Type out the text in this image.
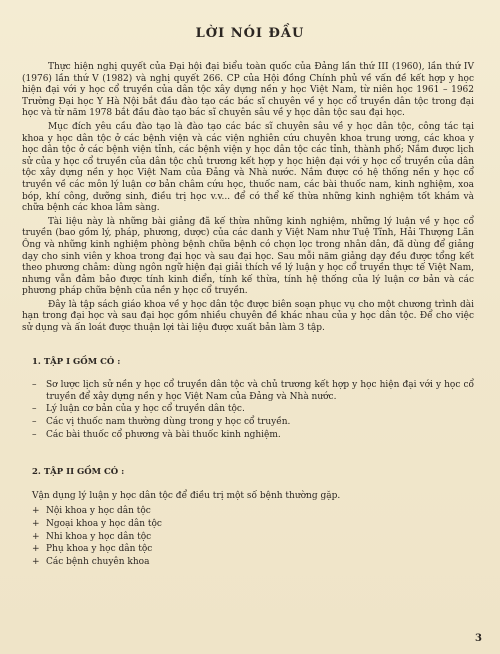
LỜI NÓI ĐẦU

Thực hiện nghị quyết của Đại hội đại biểu toàn quốc của Đảng lần thứ III (1960), lần thứ IV (1976) lần thứ V (1982) và nghị quyết 266. CP của Hội đồng Chính phủ về vấn đề kết hợp y học hiện đại với y học cổ truyền của dân tộc xây dựng nền y học Việt Nam, từ niên học 1961 – 1962 Trường Đại học Y Hà Nội bắt đầu đào tạo các bác sĩ chuyên về y học cổ truyền dân tộc trong đại học và từ năm 1978 bắt đầu đào tạo bác sĩ chuyên sâu về y học dân tộc sau đại học.

Mục đích yêu cầu đào tạo là đào tạo các bác sĩ chuyên sâu về y học dân tộc, công tác tại khoa y học dân tộc ở các bệnh viện và các viện nghiên cứu chuyên khoa trung ương, các khoa y học dân tộc ở các bệnh viện tỉnh, các bệnh viện y học dân tộc các tỉnh, thành phố; Nắm được lịch sử của y học cổ truyền của dân tộc chủ trương kết hợp y học hiện đại với y học cổ truyền của dân tộc xây dựng nền y học Việt Nam của Đảng và Nhà nước. Nắm được có hệ thống nền y học cổ truyền về các môn lý luận cơ bản châm cứu học, thuốc nam, các bài thuốc nam, kinh nghiệm, xoa bóp, khí công, dưỡng sinh, điều trị học v.v... để có thể kế thừa những kinh nghiệm tốt khám và chữa bệnh các khoa lâm sàng.

Tài liệu này là những bài giảng đã kế thừa những kinh nghiệm, những lý luận về y học cổ truyền (bao gồm lý, pháp, phương, dược) của các danh y Việt Nam như Tuệ Tĩnh, Hải Thượng Lãn Ông và những kinh nghiệm phòng bệnh chữa bệnh có chọn lọc trong nhân dân, đã dùng để giảng dạy cho sinh viên y khoa trong đại học và sau đại học. Sau mỗi năm giảng dạy đều được tổng kết theo phương châm: dùng ngôn ngữ hiện đại giải thích về lý luận y học cổ truyền thực tế Việt Nam, nhưng vẫn đảm bảo được tính kinh điển, tính kế thừa, tính hệ thống của lý luận cơ bản và các phương pháp chữa bệnh của nền y học cổ truyền.

Đây là tập sách giáo khoa về y học dân tộc được biên soạn phục vụ cho một chương trình dài hạn trong đại học và sau đại học gồm nhiều chuyên đề khác nhau của y học dân tộc. Để cho việc sử dụng và ấn loát được thuận lợi tài liệu được xuất bản làm 3 tập.

1. TẬP I GỒM CÓ :
– Sơ lược lịch sử nền y học cổ truyền dân tộc và chủ trương kết hợp y học hiện đại với y học cổ truyền để xây dựng nền y học Việt Nam của Đảng và Nhà nước.
– Lý luận cơ bản của y học cổ truyền dân tộc.
– Các vị thuốc nam thường dùng trong y học cổ truyền.
– Các bài thuốc cổ phương và bài thuốc kinh nghiệm.
2. TẬP II GỒM CÓ :
Vận dụng lý luận y học dân tộc để điều trị một số bệnh thường gặp.
+ Nội khoa y học dân tộc
+ Ngoại khoa y học dân tộc
+ Nhi khoa y học dân tộc
+ Phụ khoa y học dân tộc
+ Các bệnh chuyên khoa
3
